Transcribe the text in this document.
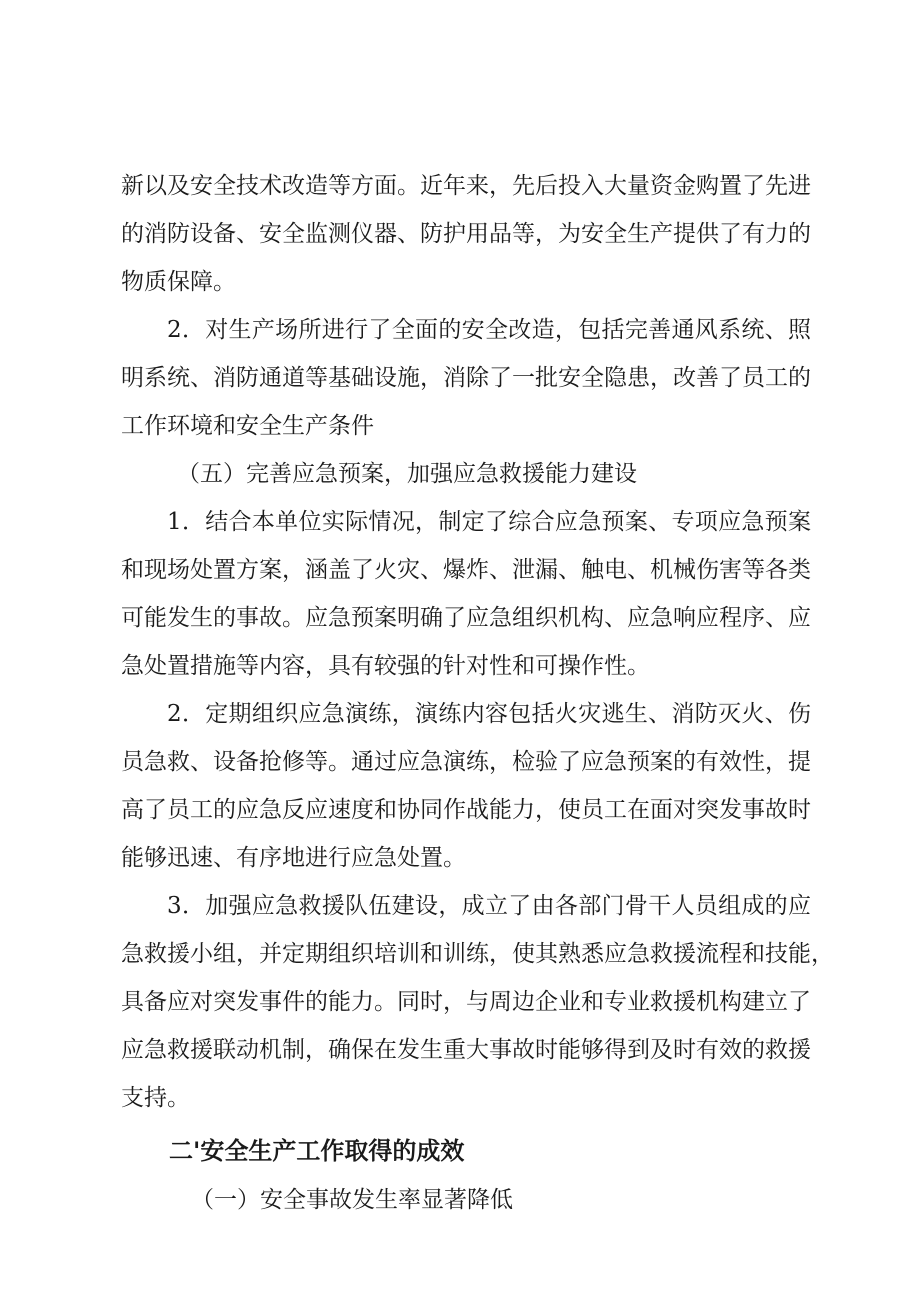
新以及安全技术改造等方面。近年来，先后投入大量资金购置了先进
的消防设备、安全监测仪器、防护用品等，为安全生产提供了有力的
物质保障。
2．对生产场所进行了全面的安全改造，包括完善通风系统、照
明系统、消防通道等基础设施，消除了一批安全隐患，改善了员工的
工作环境和安全生产条件
（五）完善应急预案，加强应急救援能力建设
1．结合本单位实际情况，制定了综合应急预案、专项应急预案
和现场处置方案，涵盖了火灾、爆炸、泄漏、触电、机械伤害等各类
可能发生的事故。应急预案明确了应急组织机构、应急响应程序、应
急处置措施等内容，具有较强的针对性和可操作性。
2．定期组织应急演练，演练内容包括火灾逃生、消防灭火、伤
员急救、设备抢修等。通过应急演练，检验了应急预案的有效性，提
高了员工的应急反应速度和协同作战能力，使员工在面对突发事故时
能够迅速、有序地进行应急处置。
3．加强应急救援队伍建设，成立了由各部门骨干人员组成的应
急救援小组，并定期组织培训和训练，使其熟悉应急救援流程和技能，
具备应对突发事件的能力。同时，与周边企业和专业救援机构建立了
应急救援联动机制，确保在发生重大事故时能够得到及时有效的救援
支持。
二'安全生产工作取得的成效
（一）安全事故发生率显著降低
